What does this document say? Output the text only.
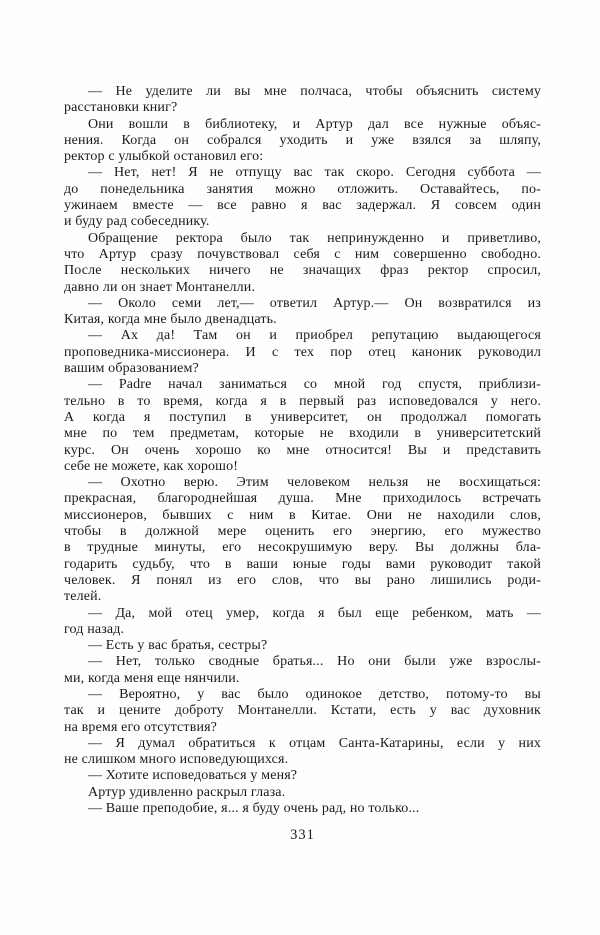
— Не уделите ли вы мне полчаса, чтобы объяснить систему
расстановки книг?
Они вошли в библиотеку, и Артур дал все нужные объяс-
нения. Когда он собрался уходить и уже взялся за шляпу,
ректор с улыбкой остановил его:
— Нет, нет! Я не отпущу вас так скоро. Сегодня суббота —
до понедельника занятия можно отложить. Оставайтесь, по-
ужинаем вместе — все равно я вас задержал. Я совсем один
и буду рад собеседнику.
Обращение ректора было так непринужденно и приветливо,
что Артур сразу почувствовал себя с ним совершенно свободно.
После нескольких ничего не значащих фраз ректор спросил,
давно ли он знает Монтанелли.
— Около семи лет,— ответил Артур.— Он возвратился из
Китая, когда мне было двенадцать.
— Ах да! Там он и приобрел репутацию выдающегося
проповедника-миссионера. И с тех пор отец каноник руководил
вашим образованием?
— Padre начал заниматься со мной год спустя, приблизи-
тельно в то время, когда я в первый раз исповедовался у него.
А когда я поступил в университет, он продолжал помогать
мне по тем предметам, которые не входили в университетский
курс. Он очень хорошо ко мне относится! Вы и представить
себе не можете, как хорошо!
— Охотно верю. Этим человеком нельзя не восхищаться:
прекрасная, благороднейшая душа. Мне приходилось встречать
миссионеров, бывших с ним в Китае. Они не находили слов,
чтобы в должной мере оценить его энергию, его мужество
в трудные минуты, его несокрушимую веру. Вы должны бла-
годарить судьбу, что в ваши юные годы вами руководит такой
человек. Я понял из его слов, что вы рано лишились роди-
телей.
— Да, мой отец умер, когда я был еще ребенком, мать —
год назад.
— Есть у вас братья, сестры?
— Нет, только сводные братья... Но они были уже взрослы-
ми, когда меня еще нянчили.
— Вероятно, у вас было одинокое детство, потому-то вы
так и цените доброту Монтанелли. Кстати, есть у вас духовник
на время его отсутствия?
— Я думал обратиться к отцам Санта-Катарины, если у них
не слишком много исповедующихся.
— Хотите исповедоваться у меня?
Артур удивленно раскрыл глаза.
— Ваше преподобие, я... я буду очень рад, но только...
331
